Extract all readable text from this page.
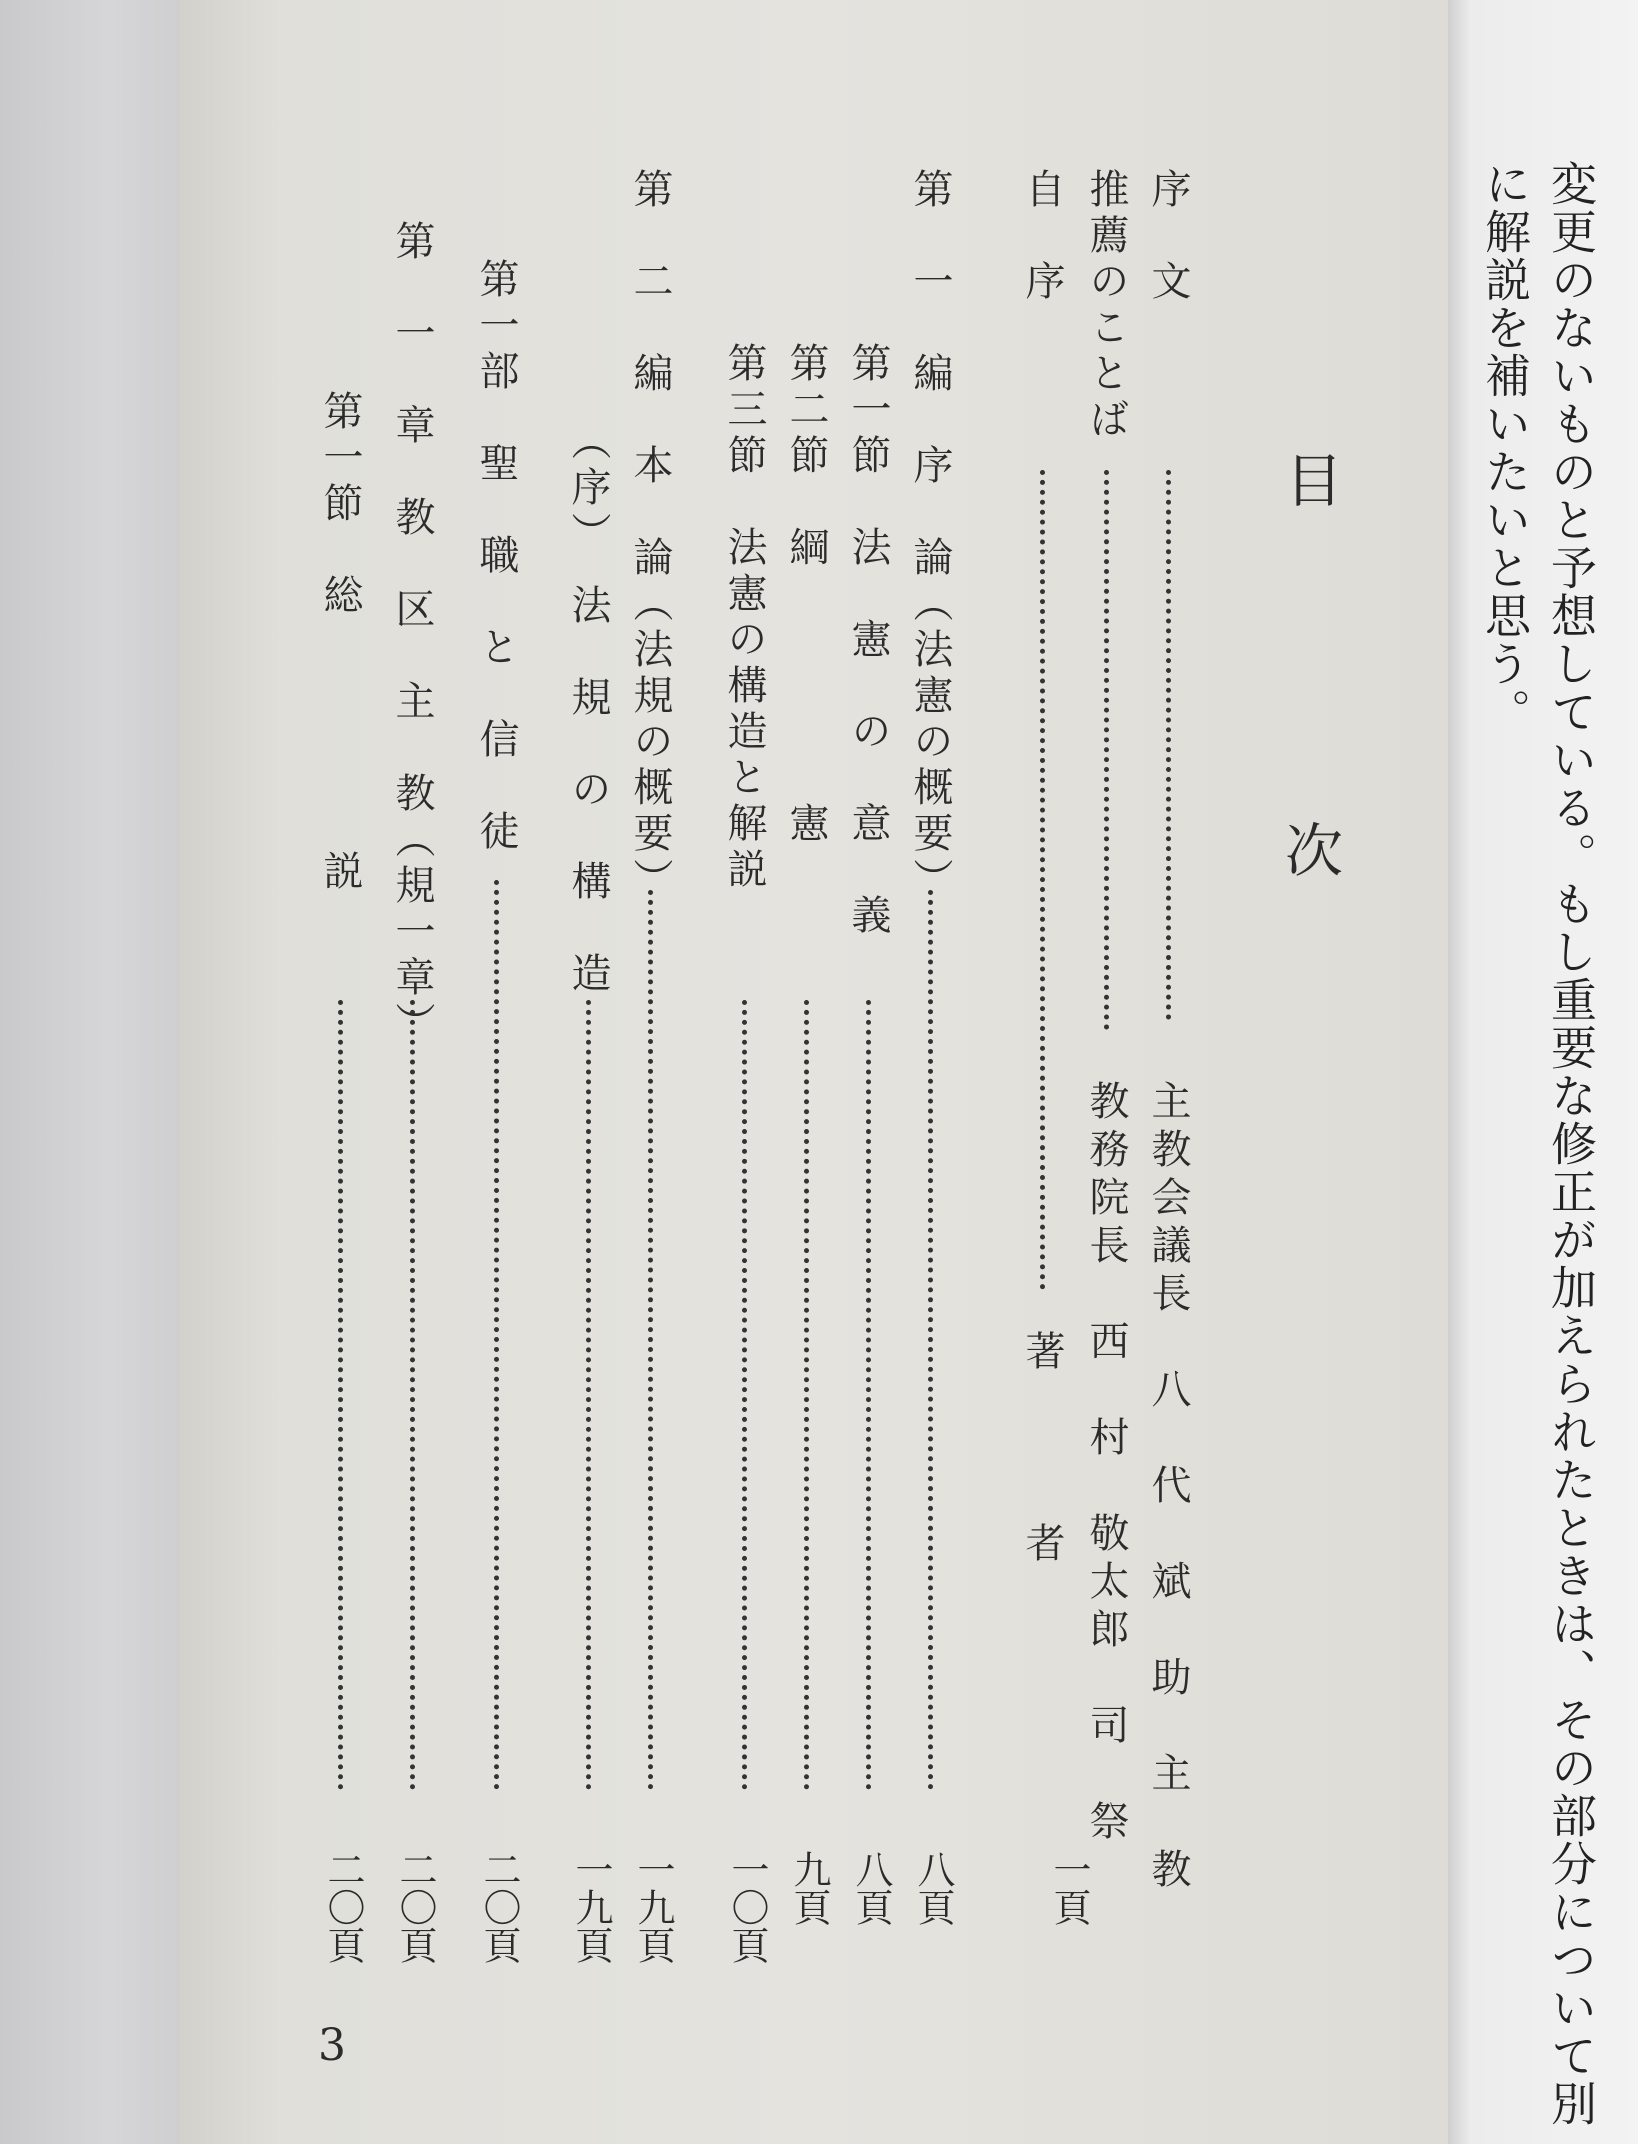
目
次
序　文
主教会議長　八　代　斌　助　主　教
一頁
推薦のことば
教務院長　西　村　敬太郎　司　祭
自　序
著　　　者
第　一　編　序　論（法憲の概要）
八頁
第一節　法　憲　の　意　義
八頁
第二節　綱　　　　　憲
九頁
第三節　法憲の構造と解説
一〇頁
第　二　編　本　論（法規の概要）
一九頁
（序）　法　規　の　構　造
一九頁
第一部　聖　職　と　信　徒
二〇頁
第　一　章　教　区　主　教（規一章）
二〇頁
第一節　総　　　　　説
二〇頁
3	変更のないものと予想している。もし重要な修正が加えられたときは、その部分について別
に解説を補いたいと思う。
